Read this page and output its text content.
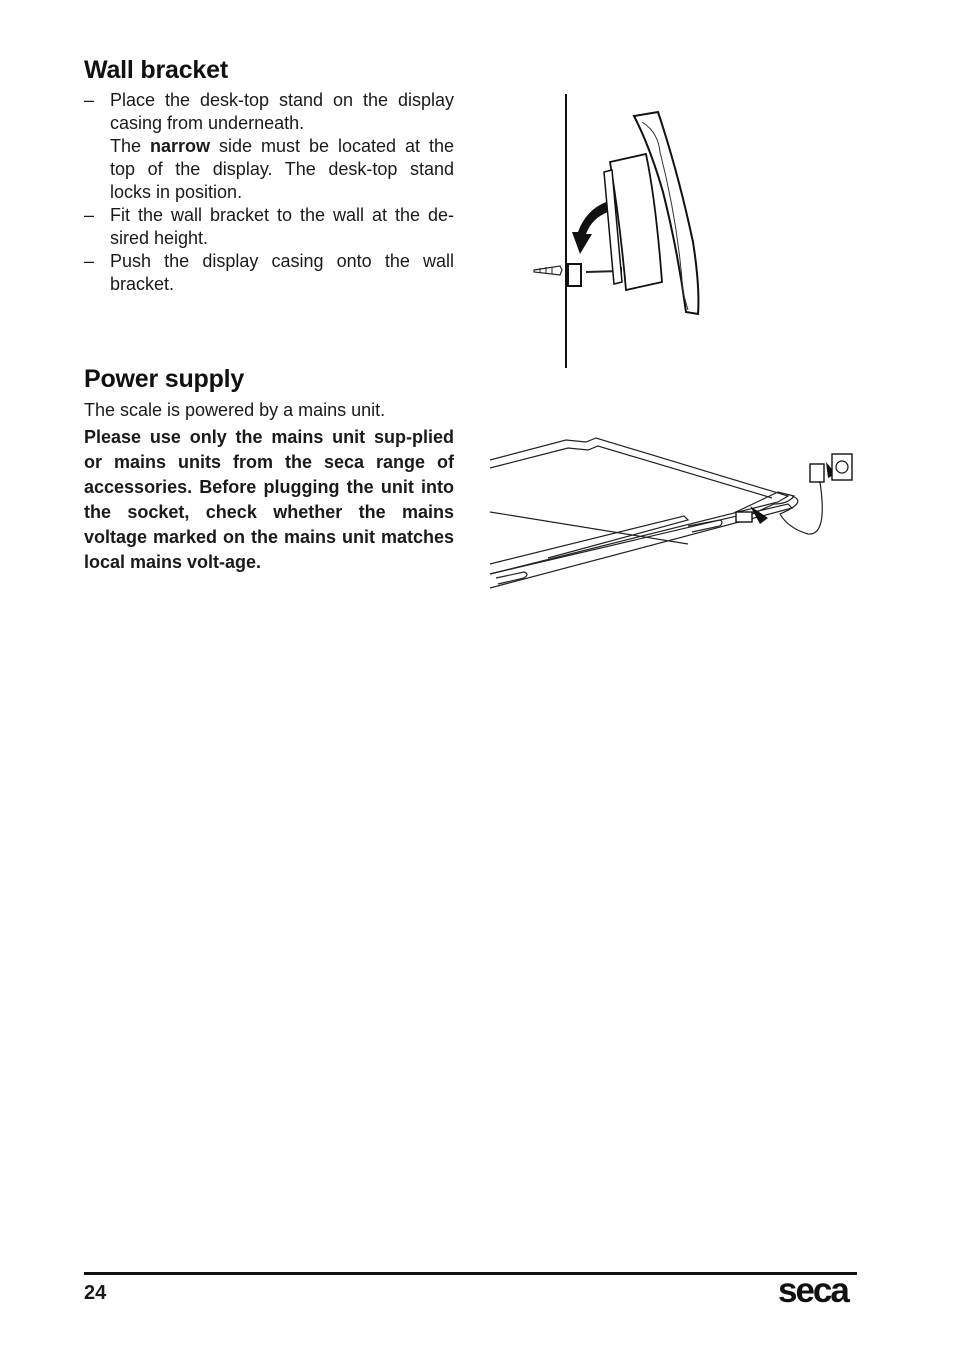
Wall bracket
– Place the desk-top stand on the display casing from underneath.
The narrow side must be located at the top of the display. The desk-top stand locks in position.
– Fit the wall bracket to the wall at the de-sired height.
– Push the display casing onto the wall bracket.
Power supply

The scale is powered by a mains unit.

Please use only the mains unit sup-plied or mains units from the seca range of accessories. Before plugging the unit into the socket, check whether the mains voltage marked on the mains unit matches local mains volt-age.

24	seca
